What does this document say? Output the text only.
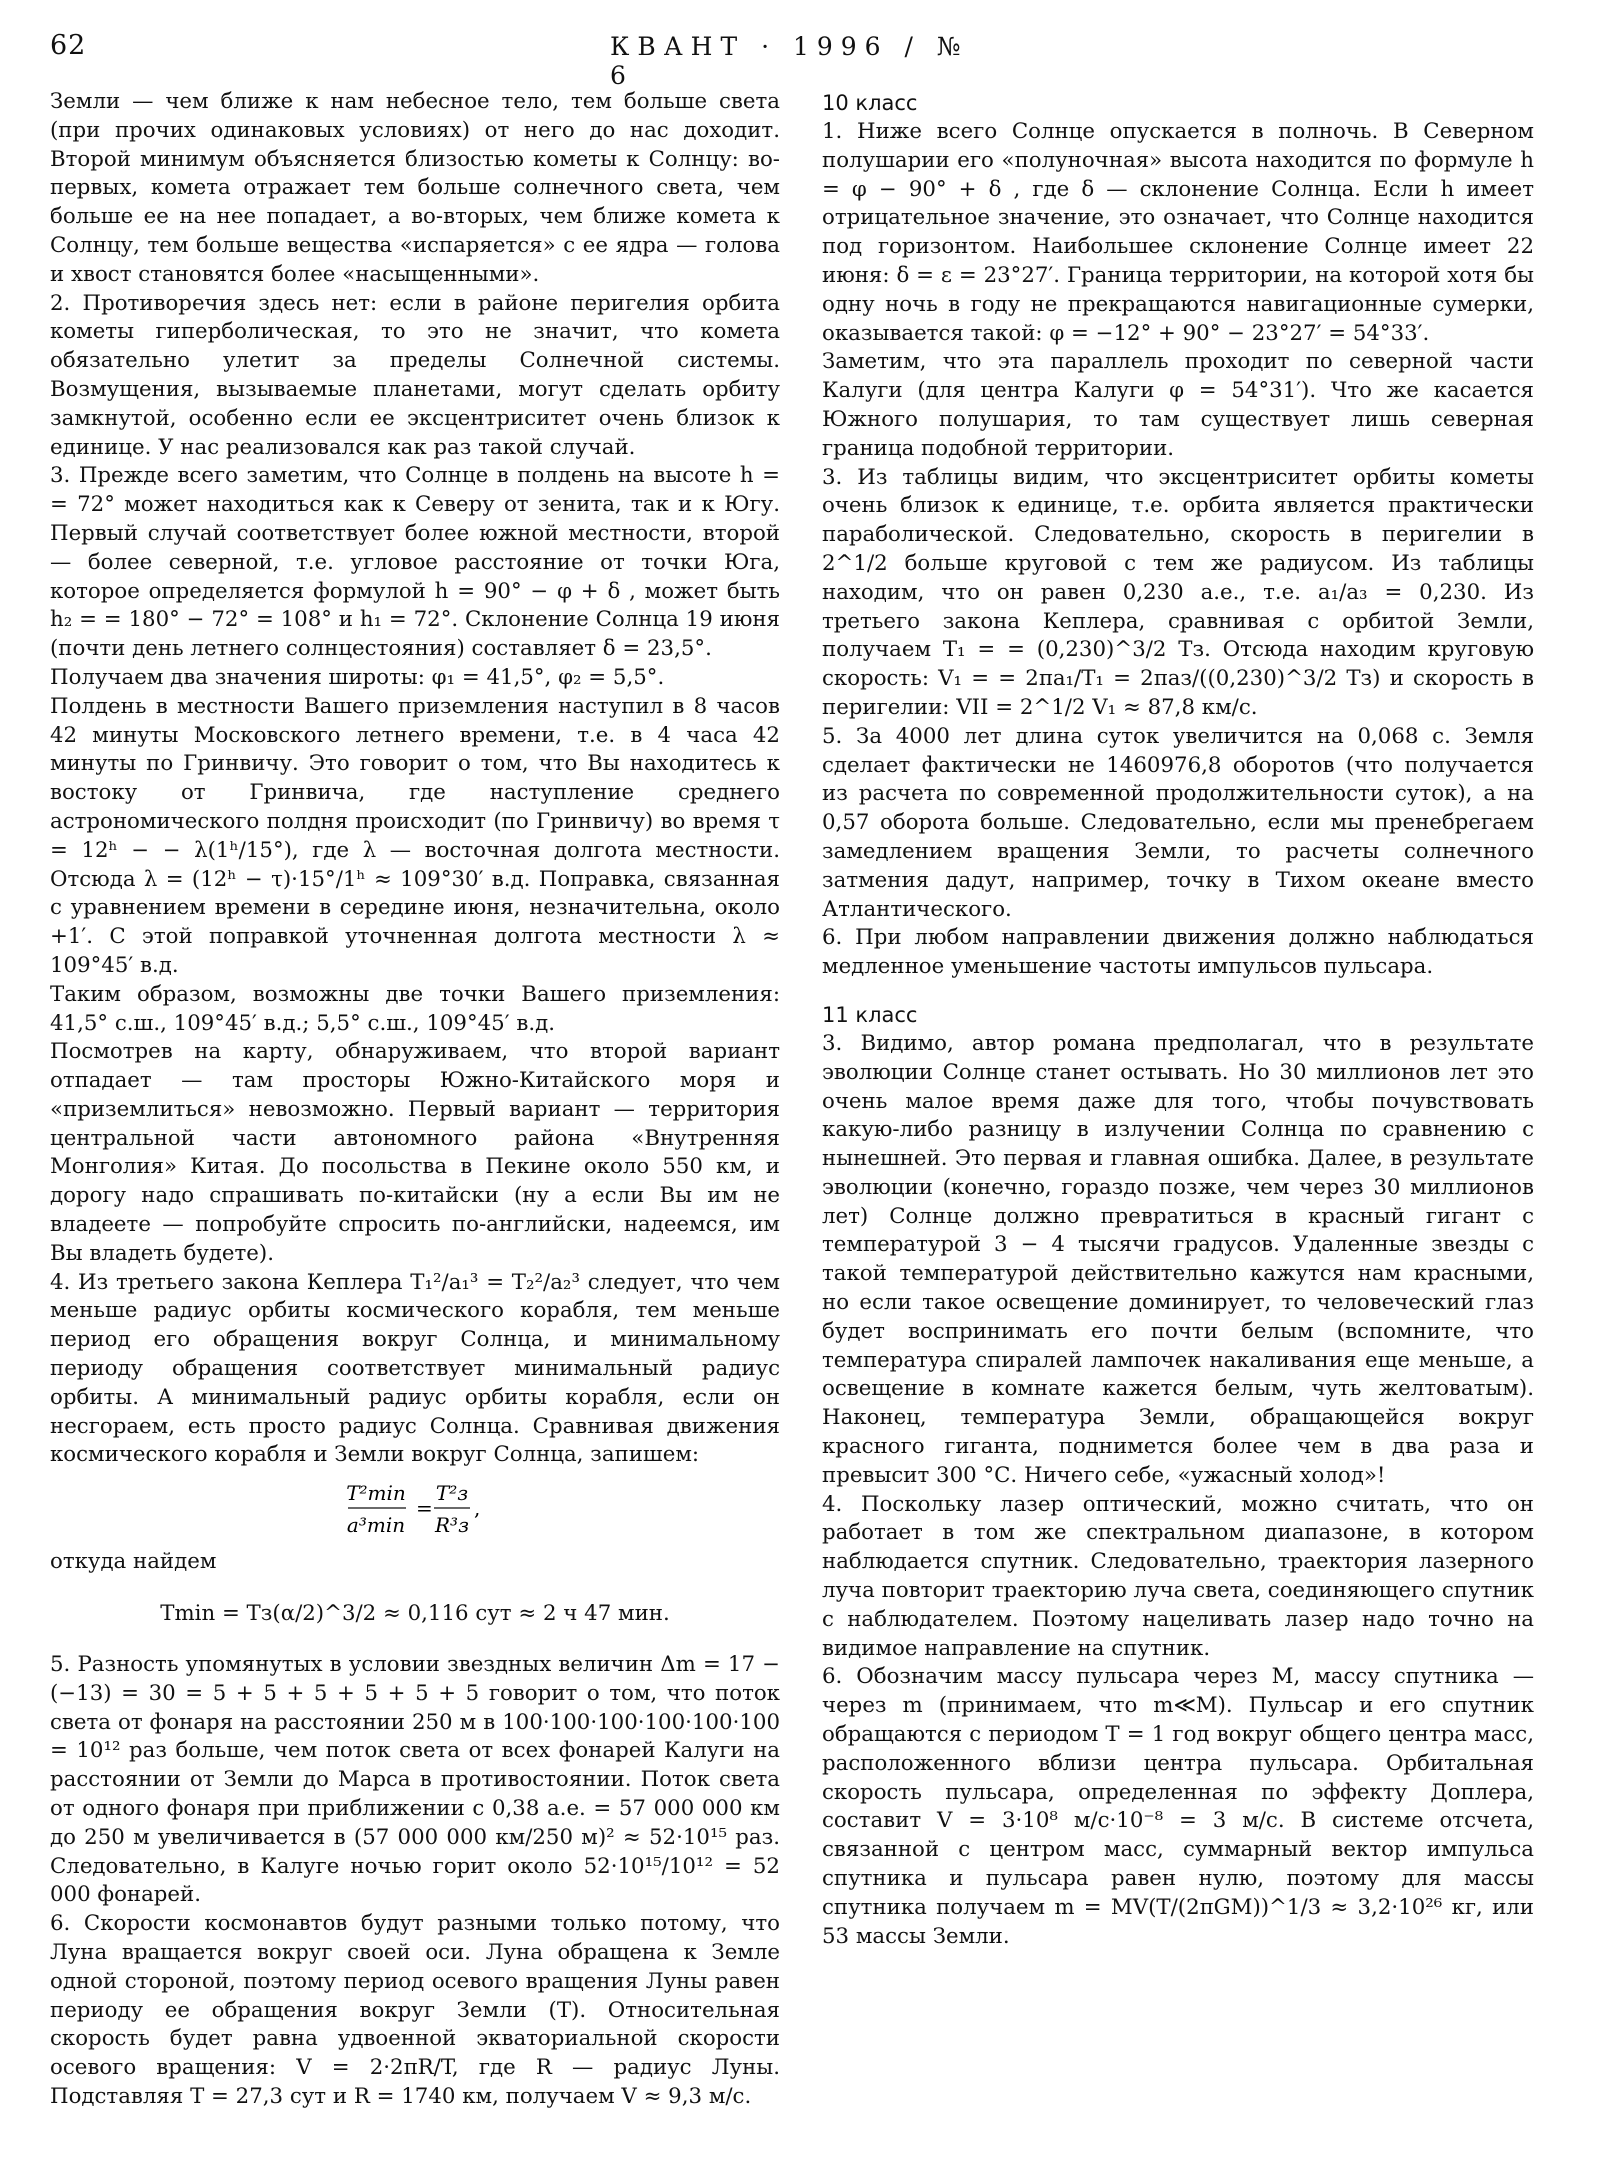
62	КВАНТ · 1996 / № 6

Земли — чем ближе к нам небесное тело, тем больше света (при прочих одинаковых условиях) от него до нас доходит. Второй минимум объясняется близостью кометы к Солнцу: во-первых, комета отражает тем больше солнечного света, чем больше ее на нее попадает, а во-вторых, чем ближе комета к Солнцу, тем больше вещества «испаряется» с ее ядра — голова и хвост становятся более «насыщенными».

2. Противоречия здесь нет: если в районе перигелия орбита кометы гиперболическая, то это не значит, что комета обязательно улетит за пределы Солнечной системы. Возмущения, вызываемые планетами, могут сделать орбиту замкнутой, особенно если ее эксцентриситет очень близок к единице. У нас реализовался как раз такой случай.

3. Прежде всего заметим, что Солнце в полдень на высоте h = = 72° может находиться как к Северу от зенита, так и к Югу. Первый случай соответствует более южной местности, второй — более северной, т.е. угловое расстояние от точки Юга, которое определяется формулой h = 90° − φ + δ , может быть h₂ = = 180° − 72° = 108° и h₁ = 72°. Склонение Солнца 19 июня (почти день летнего солнцестояния) составляет δ = 23,5°.

Получаем два значения широты: φ₁ = 41,5°, φ₂ = 5,5°.

Полдень в местности Вашего приземления наступил в 8 часов 42 минуты Московского летнего времени, т.е. в 4 часа 42 минуты по Гринвичу. Это говорит о том, что Вы находитесь к востоку от Гринвича, где наступление среднего астрономического полдня происходит (по Гринвичу) во время τ = 12ʰ − − λ(1ʰ/15°), где λ — восточная долгота местности. Отсюда λ = (12ʰ − τ)·15°/1ʰ ≈ 109°30′ в.д. Поправка, связанная с уравнением времени в середине июня, незначительна, около +1′. С этой поправкой уточненная долгота местности λ ≈ 109°45′ в.д.

Таким образом, возможны две точки Вашего приземления: 41,5° с.ш., 109°45′ в.д.; 5,5° с.ш., 109°45′ в.д.

Посмотрев на карту, обнаруживаем, что второй вариант отпадает — там просторы Южно-Китайского моря и «приземлиться» невозможно. Первый вариант — территория центральной части автономного района «Внутренняя Монголия» Китая. До посольства в Пекине около 550 км, и дорогу надо спрашивать по-китайски (ну а если Вы им не владеете — попробуйте спросить по-английски, надеемся, им Вы владеть будете).

4. Из третьего закона Кеплера T₁²/a₁³ = T₂²/a₂³ следует, что чем меньше радиус орбиты космического корабля, тем меньше период его обращения вокруг Солнца, и минимальному периоду обращения соответствует минимальный радиус орбиты. А минимальный радиус орбиты корабля, если он несгораем, есть просто радиус Солнца. Сравнивая движения космического корабля и Земли вокруг Солнца, запишем:

T²min
a³min
=
T²з
R³з
,

откуда найдем

Tmin = Tз(α/2)^3/2 ≈ 0,116 сут ≈ 2 ч 47 мин.

5. Разность упомянутых в условии звездных величин Δm = 17 − (−13) = 30 = 5 + 5 + 5 + 5 + 5 + 5 говорит о том, что поток света от фонаря на расстоянии 250 м в 100·100·100·100·100·100 = 10¹² раз больше, чем поток света от всех фонарей Калуги на расстоянии от Земли до Марса в противостоянии. Поток света от одного фонаря при приближении с 0,38 а.е. = 57 000 000 км до 250 м увеличивается в (57 000 000 км/250 м)² ≈ 52·10¹⁵ раз. Следовательно, в Калуге ночью горит около 52·10¹⁵/10¹² = 52 000 фонарей.

6. Скорости космонавтов будут разными только потому, что Луна вращается вокруг своей оси. Луна обращена к Земле одной стороной, поэтому период осевого вращения Луны равен периоду ее обращения вокруг Земли (T). Относительная скорость будет равна удвоенной экваториальной скорости осевого вращения: V = 2·2πR/T, где R — радиус Луны. Подставляя T = 27,3 сут и R = 1740 км, получаем V ≈ 9,3 м/с.

10 класс

1. Ниже всего Солнце опускается в полночь. В Северном полушарии его «полуночная» высота находится по формуле h = φ − 90° + δ , где δ — склонение Солнца. Если h имеет отрицательное значение, это означает, что Солнце находится под горизонтом. Наибольшее склонение Солнце имеет 22 июня: δ = ε = 23°27′. Граница территории, на которой хотя бы одну ночь в году не прекращаются навигационные сумерки, оказывается такой: φ = −12° + 90° − 23°27′ = 54°33′.

Заметим, что эта параллель проходит по северной части Калуги (для центра Калуги φ = 54°31′). Что же касается Южного полушария, то там существует лишь северная граница подобной территории.

3. Из таблицы видим, что эксцентриситет орбиты кометы очень близок к единице, т.е. орбита является практически параболической. Следовательно, скорость в перигелии в 2^1/2 больше круговой с тем же радиусом. Из таблицы находим, что он равен 0,230 а.е., т.е. a₁/a₃ = 0,230. Из третьего закона Кеплера, сравнивая с орбитой Земли, получаем T₁ = = (0,230)^3/2 Tз. Отсюда находим круговую скорость: V₁ = = 2πa₁/T₁ = 2πaз/((0,230)^3/2 Tз) и скорость в перигелии: VII = 2^1/2 V₁ ≈ 87,8 км/с.

5. За 4000 лет длина суток увеличится на 0,068 с. Земля сделает фактически не 1460976,8 оборотов (что получается из расчета по современной продолжительности суток), а на 0,57 оборота больше. Следовательно, если мы пренебрегаем замедлением вращения Земли, то расчеты солнечного затмения дадут, например, точку в Тихом океане вместо Атлантического.

6. При любом направлении движения должно наблюдаться медленное уменьшение частоты импульсов пульсара.

11 класс

3. Видимо, автор романа предполагал, что в результате эволюции Солнце станет остывать. Но 30 миллионов лет это очень малое время даже для того, чтобы почувствовать какую-либо разницу в излучении Солнца по сравнению с нынешней. Это первая и главная ошибка. Далее, в результате эволюции (конечно, гораздо позже, чем через 30 миллионов лет) Солнце должно превратиться в красный гигант с температурой 3 − 4 тысячи градусов. Удаленные звезды с такой температурой действительно кажутся нам красными, но если такое освещение доминирует, то человеческий глаз будет воспринимать его почти белым (вспомните, что температура спиралей лампочек накаливания еще меньше, а освещение в комнате кажется белым, чуть желтоватым). Наконец, температура Земли, обращающейся вокруг красного гиганта, поднимется более чем в два раза и превысит 300 °С. Ничего себе, «ужасный холод»!

4. Поскольку лазер оптический, можно считать, что он работает в том же спектральном диапазоне, в котором наблюдается спутник. Следовательно, траектория лазерного луча повторит траекторию луча света, соединяющего спутник с наблюдателем. Поэтому нацеливать лазер надо точно на видимое направление на спутник.

6. Обозначим массу пульсара через M, массу спутника — через m (принимаем, что m≪M). Пульсар и его спутник обращаются с периодом T = 1 год вокруг общего центра масс, расположенного вблизи центра пульсара. Орбитальная скорость пульсара, определенная по эффекту Доплера, составит V = 3·10⁸ м/с·10⁻⁸ = 3 м/с. В системе отсчета, связанной с центром масс, суммарный вектор импульса спутника и пульсара равен нулю, поэтому для массы спутника получаем m = MV(T/(2πGM))^1/3 ≈ 3,2·10²⁶ кг, или 53 массы Земли.
